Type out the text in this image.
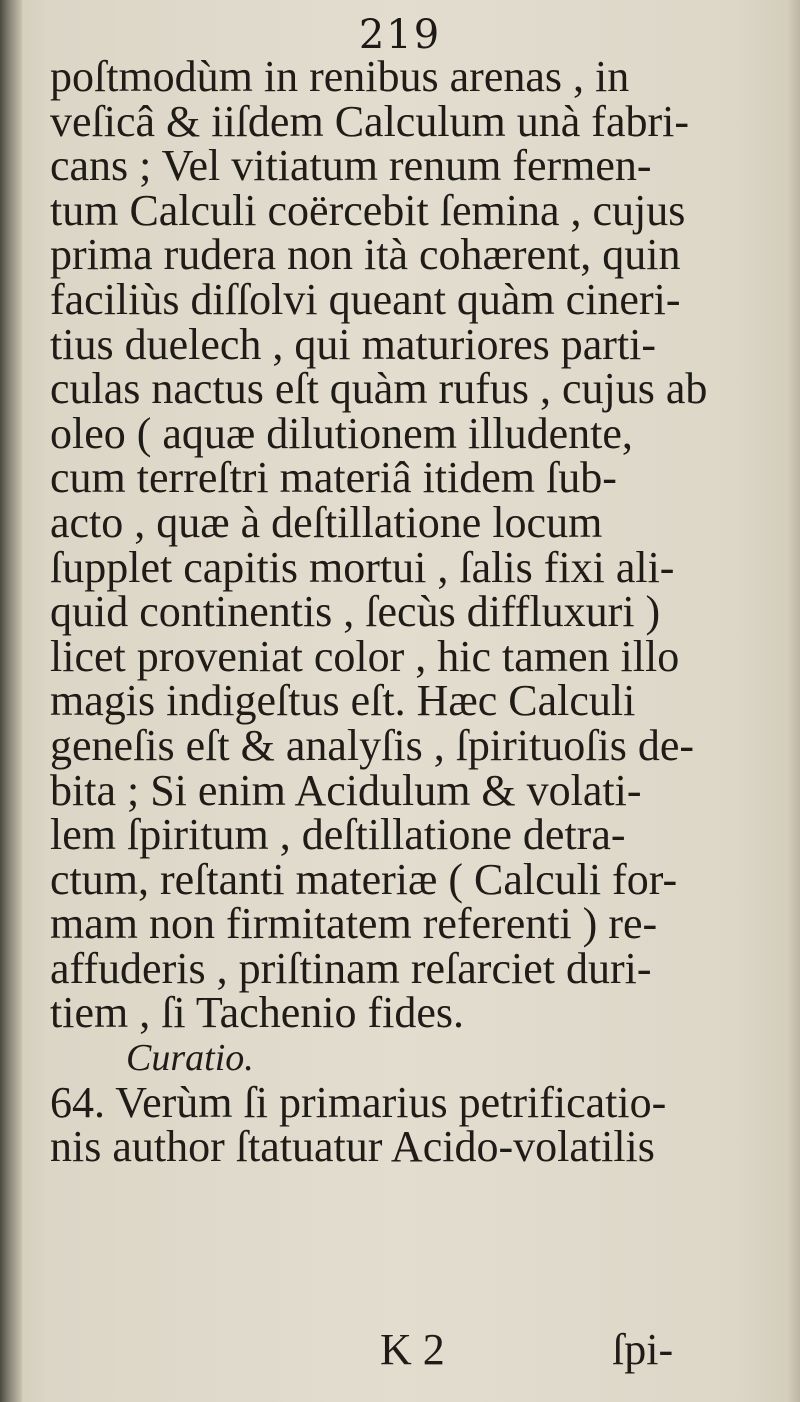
219
poſtmodùm in renibus arenas , in
veſicâ & iiſdem Calculum unà fabri-
cans ; Vel vitiatum renum fermen-
tum Calculi coërcebit ſemina , cujus
prima rudera non ità cohærent, quin
faciliùs diſſolvi queant quàm cineri-
tius duelech , qui maturiores parti-
culas nactus eſt quàm rufus , cujus ab
oleo ( aquæ dilutionem illudente,
cum terreſtri materiâ itidem ſub-
acto , quæ à deſtillatione locum
ſupplet capitis mortui , ſalis fixi ali-
quid continentis , ſecùs diffluxuri )
licet proveniat color , hic tamen illo
magis indigeſtus eſt. Hæc Calculi
geneſis eſt & analyſis , ſpirituoſis de-
bita ; Si enim Acidulum & volati-
lem ſpiritum , deſtillatione detra-
ctum, reſtanti materiæ ( Calculi for-
mam non firmitatem referenti ) re-
affuderis , priſtinam reſarciet duri-
tiem , ſi Tachenio fides.
Curatio.
64. Verùm ſi primarius petrificatio-
nis author ſtatuatur Acido-volatilis
K 2	ſpi-
